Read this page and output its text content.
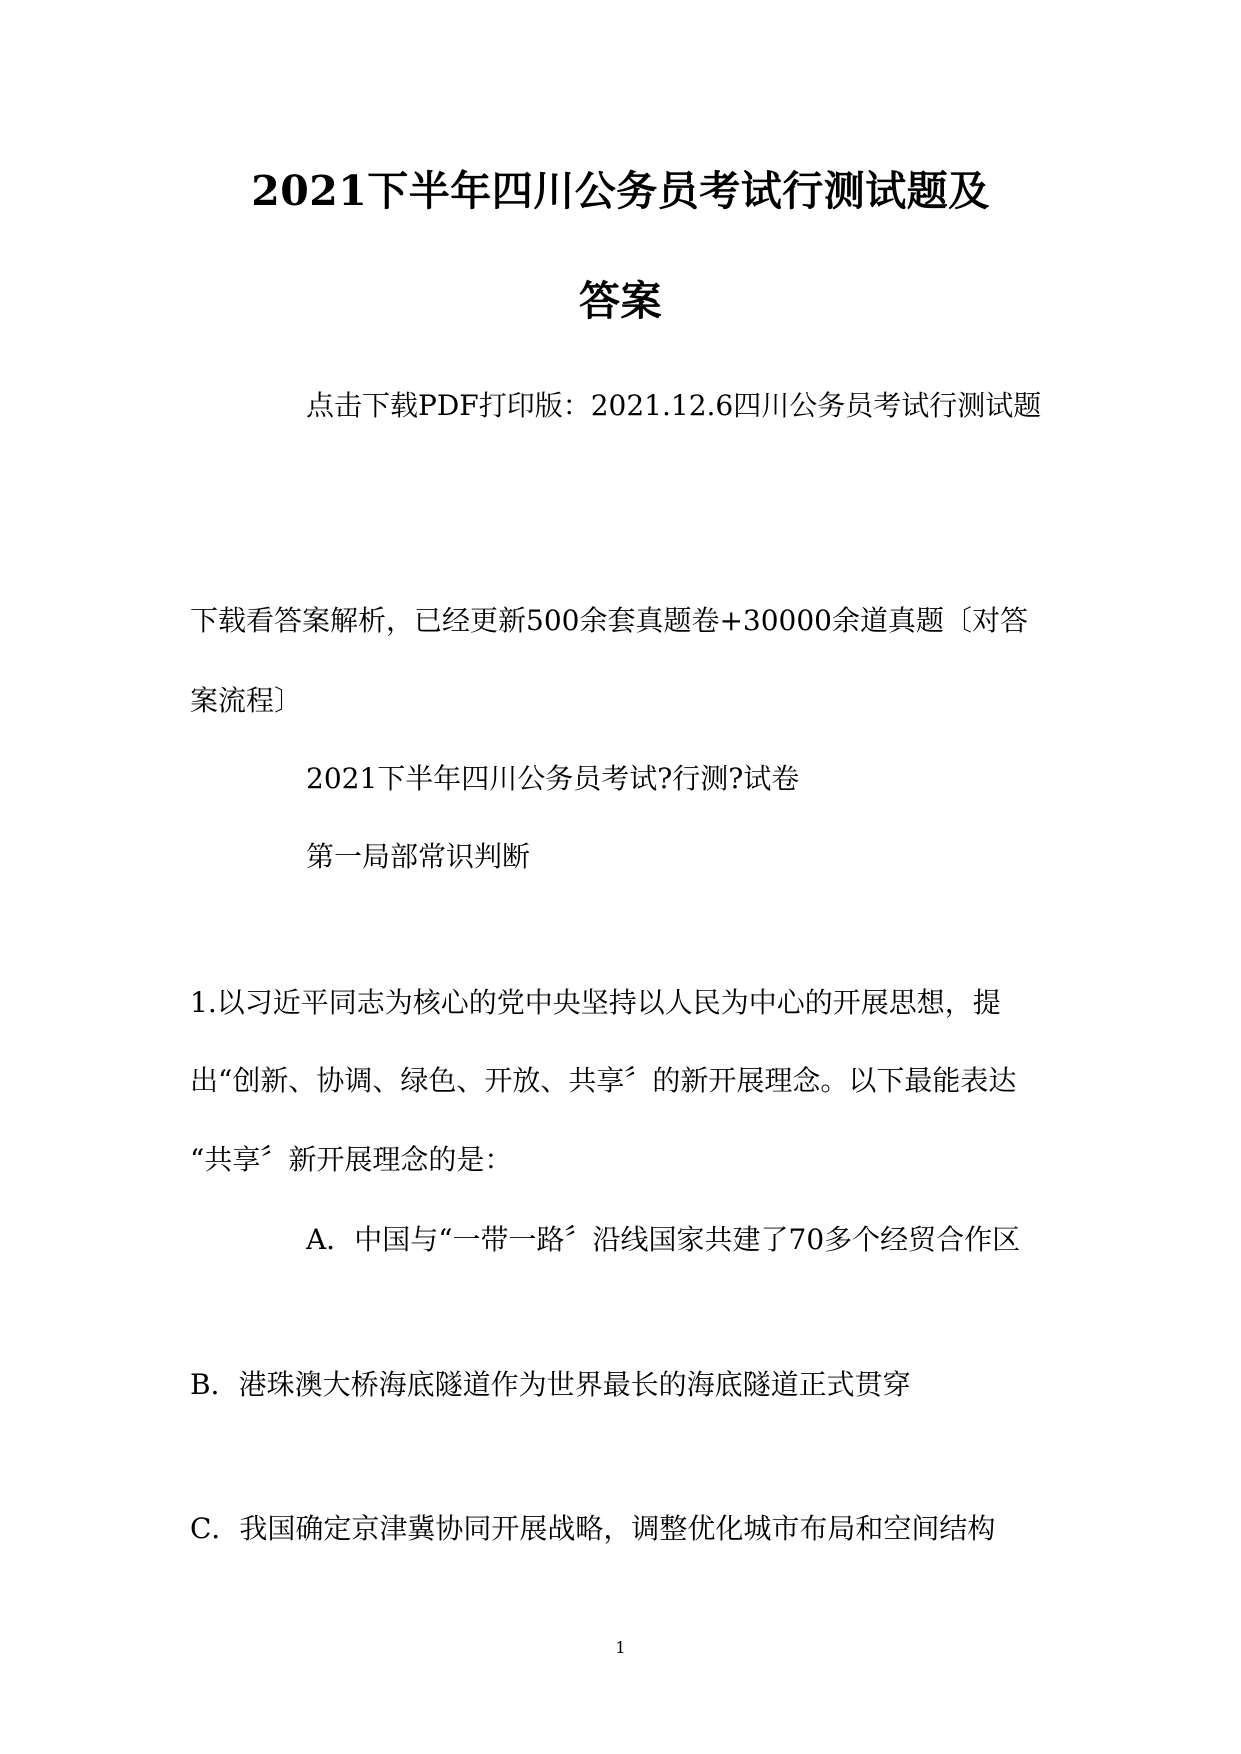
2021下半年四川公务员考试行测试题及
答案
点击下载PDF打印版：2021.12.6四川公务员考试行测试题
下载看答案解析，已经更新500余套真题卷+30000余道真题〔对答
案流程〕
2021下半年四川公务员考试?行测?试卷
第一局部常识判断
1.以习近平同志为核心的党中央坚持以人民为中心的开展思想，提
出“创新、协调、绿色、开放、共享〞的新开展理念。以下最能表达
“共享〞新开展理念的是：
A．中国与“一带一路〞沿线国家共建了70多个经贸合作区
B．港珠澳大桥海底隧道作为世界最长的海底隧道正式贯穿
C．我国确定京津冀协同开展战略，调整优化城市布局和空间结构
1
